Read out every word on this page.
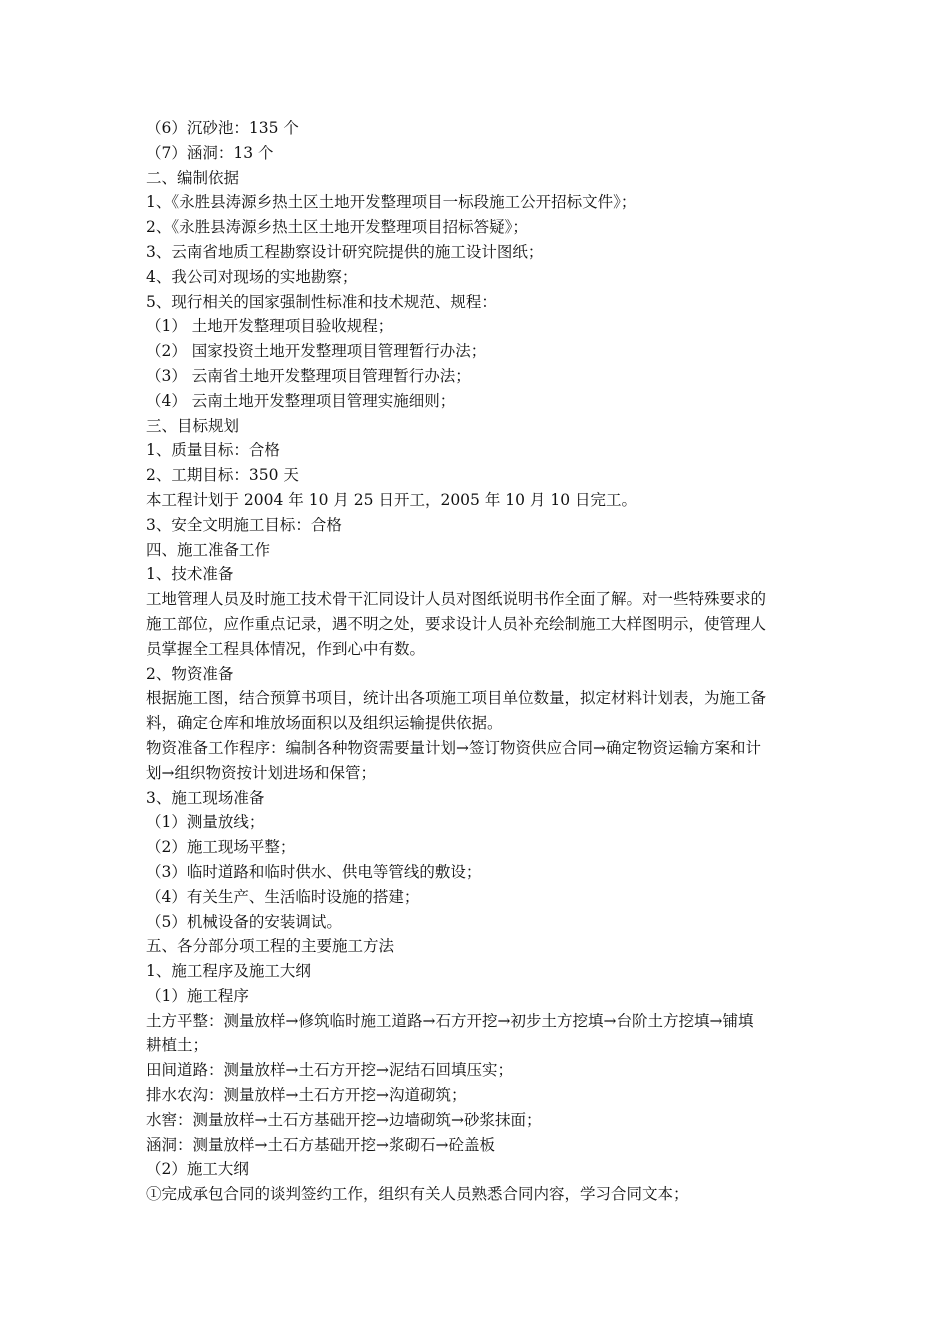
（6）沉砂池：135 个
（7）涵洞：13 个
二、编制依据
1、《永胜县涛源乡热土区土地开发整理项目一标段施工公开招标文件》；
2、《永胜县涛源乡热土区土地开发整理项目招标答疑》；
3、云南省地质工程勘察设计研究院提供的施工设计图纸；
4、我公司对现场的实地勘察；
5、现行相关的国家强制性标准和技术规范、规程：
（1） 土地开发整理项目验收规程；
（2） 国家投资土地开发整理项目管理暂行办法；
（3） 云南省土地开发整理项目管理暂行办法；
（4） 云南土地开发整理项目管理实施细则；
三、目标规划
1、质量目标：合格
2、工期目标：350 天
本工程计划于 2004 年 10 月 25 日开工，2005 年 10 月 10 日完工。
3、安全文明施工目标：合格
四、施工准备工作
1、技术准备
工地管理人员及时施工技术骨干汇同设计人员对图纸说明书作全面了解。对一些特殊要求的
施工部位，应作重点记录，遇不明之处，要求设计人员补充绘制施工大样图明示，使管理人
员掌握全工程具体情况，作到心中有数。
2、物资准备
根据施工图，结合预算书项目，统计出各项施工项目单位数量，拟定材料计划表，为施工备
料，确定仓库和堆放场面积以及组织运输提供依据。
物资准备工作程序：编制各种物资需要量计划→签订物资供应合同→确定物资运输方案和计
划→组织物资按计划进场和保管；
3、施工现场准备
（1）测量放线；
（2）施工现场平整；
（3）临时道路和临时供水、供电等管线的敷设；
（4）有关生产、生活临时设施的搭建；
（5）机械设备的安装调试。
五、各分部分项工程的主要施工方法
1、施工程序及施工大纲
（1）施工程序
土方平整：测量放样→修筑临时施工道路→石方开挖→初步土方挖填→台阶土方挖填→铺填
耕植土；
田间道路：测量放样→土石方开挖→泥结石回填压实；
排水农沟：测量放样→土石方开挖→沟道砌筑；
水窖：测量放样→土石方基础开挖→边墙砌筑→砂浆抹面；
涵洞：测量放样→土石方基础开挖→浆砌石→砼盖板
（2）施工大纲
①完成承包合同的谈判签约工作，组织有关人员熟悉合同内容，学习合同文本；
